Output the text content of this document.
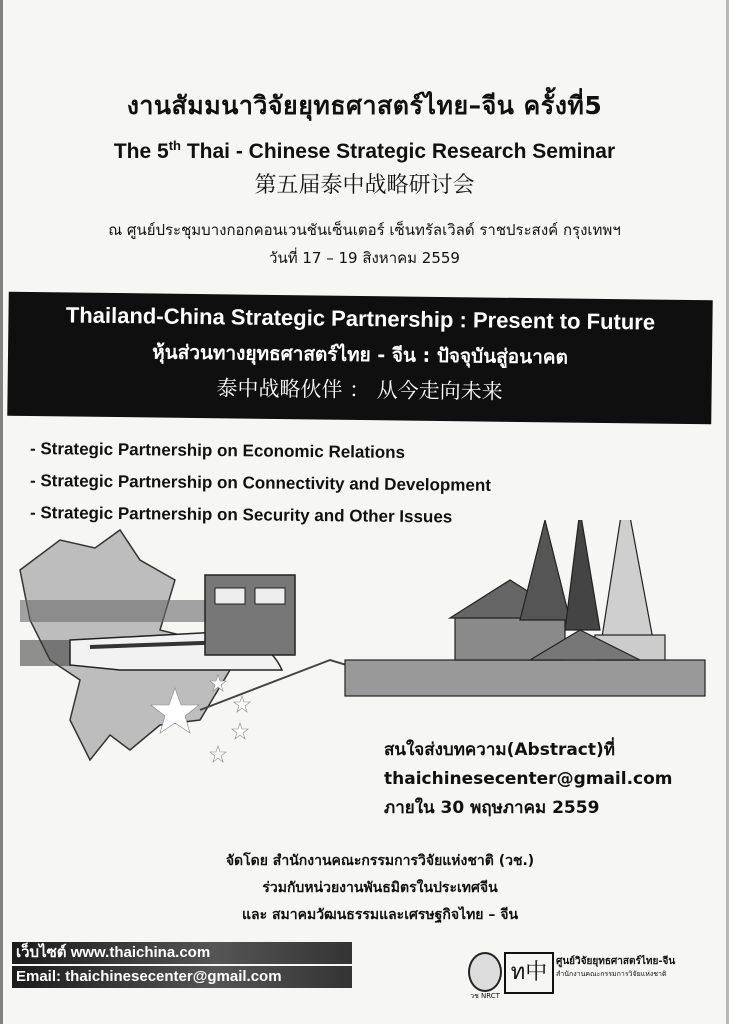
งานสัมมนาวิจัยยุทธศาสตร์ไทย–จีน ครั้งที่5
The 5th Thai - Chinese Strategic Research Seminar
第五届泰中战略研讨会
ณ ศูนย์ประชุมบางกอกคอนเวนชันเซ็นเตอร์ เซ็นทรัลเวิลด์ ราชประสงค์ กรุงเทพฯ
วันที่ 17 – 19 สิงหาคม 2559
Thailand-China Strategic Partnership : Present to Future
หุ้นส่วนทางยุทธศาสตร์ไทย - จีน : ปัจจุบันสู่อนาคต
泰中战略伙伴 ： 从今走向未来
- Strategic Partnership on Economic Relations
- Strategic Partnership on Connectivity and Development
- Strategic Partnership on Security and Other Issues
สนใจส่งบทความ(Abstract)ที่
thaichinesecenter@gmail.com
ภายใน 30 พฤษภาคม 2559
จัดโดย สำนักงานคณะกรรมการวิจัยแห่งชาติ (วช.)
ร่วมกับหน่วยงานพันธมิตรในประเทศจีน
และ สมาคมวัฒนธรรมและเศรษฐกิจไทย – จีน
เว็บไซต์ www.thaichina.com
Email: thaichinesecenter@gmail.com
วช NRCT
ท中 ศูนย์วิจัยยุทธศาสตร์ไทย-จีน
สำนักงานคณะกรรมการวิจัยแห่งชาติ
